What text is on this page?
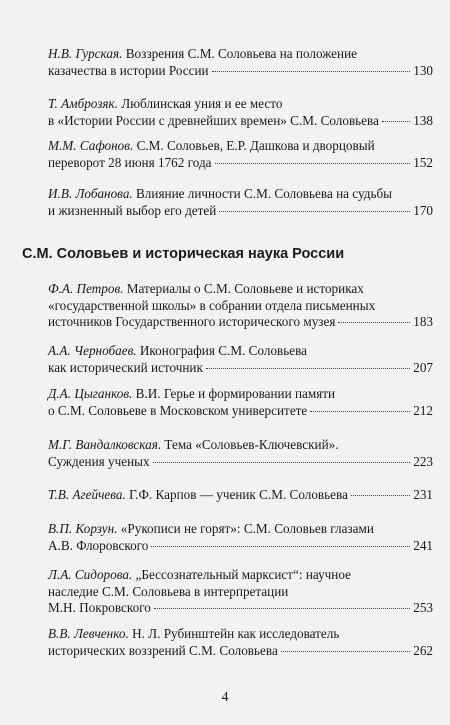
Н.В. Гурская.
Воззрения С.М. Соловьева на положение
казачества в истории России	130
Т. Амброзяк.
Люблинская уния и ее место
в «Истории России с древнейших времен» С.М. Соловьева	138
М.М. Сафонов.
С.М. Соловьев, Е.Р. Дашкова и дворцовый
переворот 28 июня 1762 года	152
И.В. Лобанова.
Влияние личности С.М. Соловьева на судьбы
и жизненный выбор его детей	170
С.М. Соловьев и историческая наука России
Ф.А. Петров.
Материалы о С.М. Соловьеве и историках
«государственной школы» в собрании отдела письменных
источников Государственного исторического музея	183
А.А. Чернобаев.
Иконография С.М. Соловьева
как исторический источник	207
Д.А. Цыганков.
В.И. Герье и формировании памяти
о С.М. Соловьеве в Московском университете	212
М.Г. Вандалковская.
Тема «Соловьев-Ключевский».
Суждения ученых	223
Т.В. Агейчева.
Г.Ф. Карпов — ученик С.М. Соловьева	231
В.П. Корзун.
«Рукописи не горят»: С.М. Соловьев глазами
А.В. Флоровского	241
Л.А. Сидорова.
„Бессознательный марксист“: научное
наследие С.М. Соловьева в интерпретации
М.Н. Покровского	253
В.В. Левченко.
Н. Л. Рубинштейн как исследователь
исторических воззрений С.М. Соловьева	262
4
